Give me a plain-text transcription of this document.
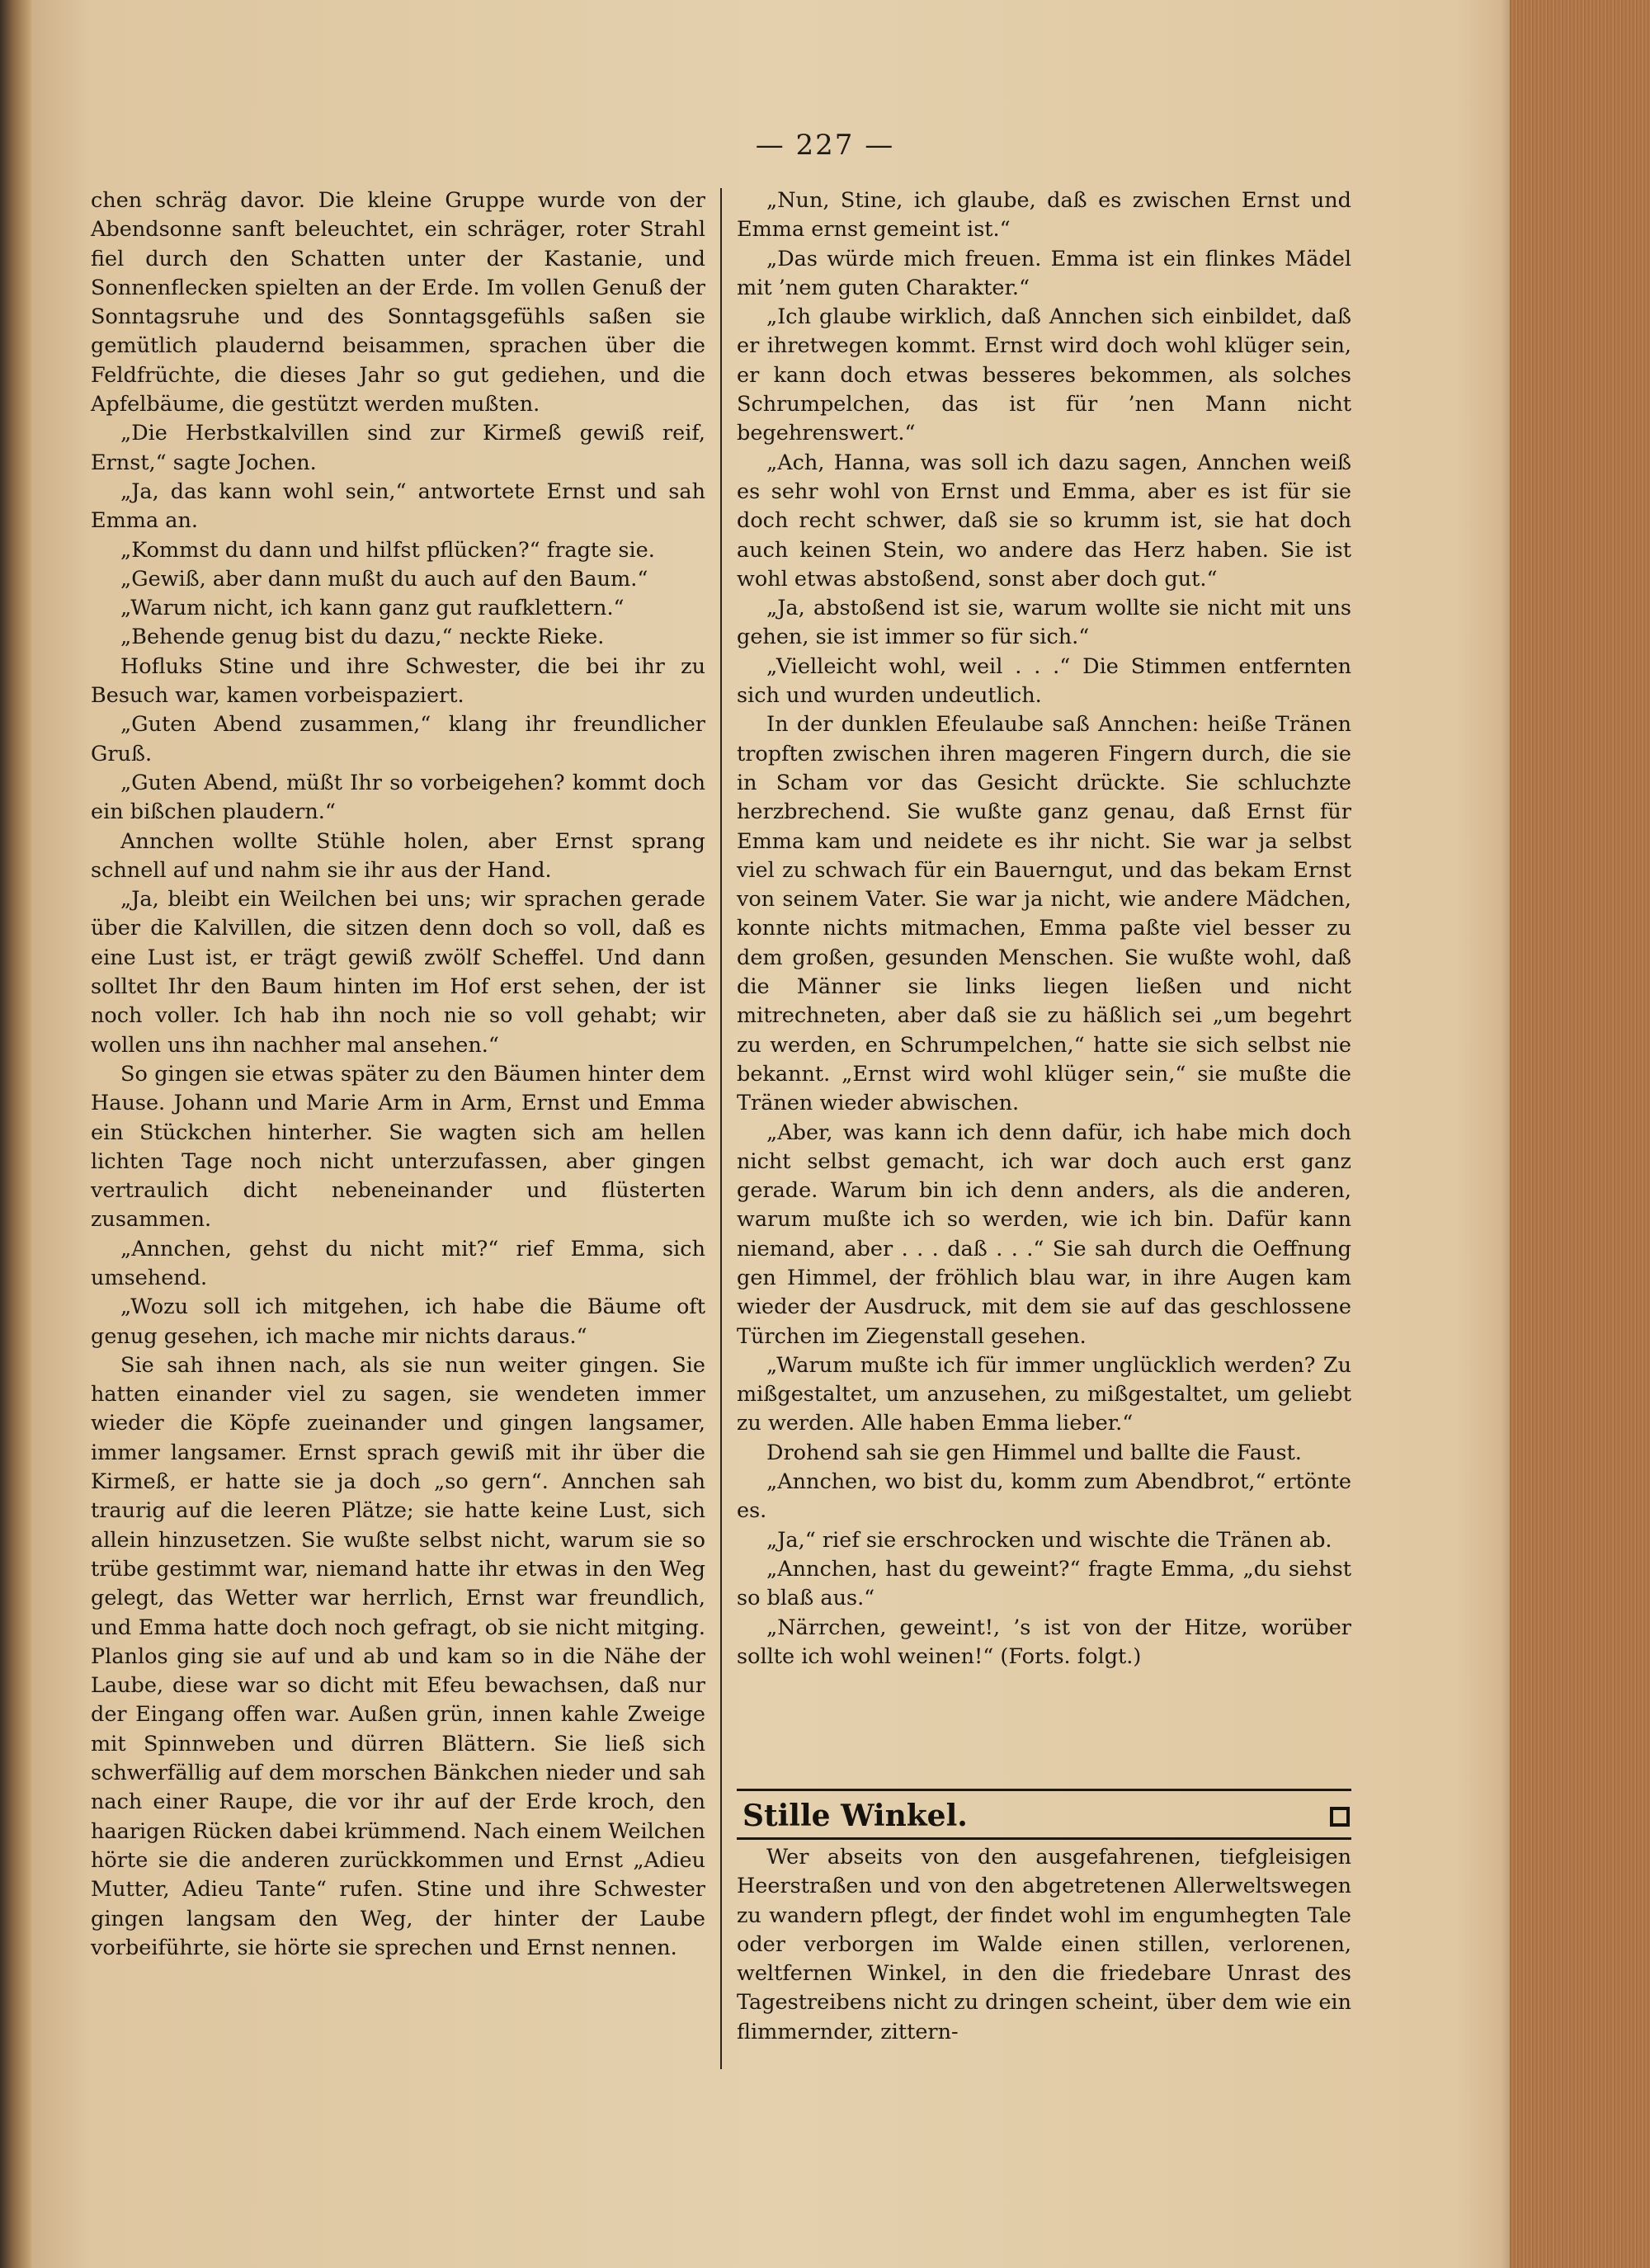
— 227 —

chen schräg davor. Die kleine Gruppe wurde von der Abendsonne sanft beleuchtet, ein schräger, roter Strahl fiel durch den Schatten unter der Kastanie, und Sonnenflecken spielten an der Erde. Im vollen Genuß der Sonntagsruhe und des Sonntagsgefühls saßen sie gemütlich plaudernd beisammen, sprachen über die Feldfrüchte, die dieses Jahr so gut gediehen, und die Apfelbäume, die gestützt werden mußten.

„Die Herbstkalvillen sind zur Kirmeß gewiß reif, Ernst,“ sagte Jochen.

„Ja, das kann wohl sein,“ antwortete Ernst und sah Emma an.

„Kommst du dann und hilfst pflücken?“ fragte sie.

„Gewiß, aber dann mußt du auch auf den Baum.“

„Warum nicht, ich kann ganz gut raufklettern.“

„Behende genug bist du dazu,“ neckte Rieke.

Hofluks Stine und ihre Schwester, die bei ihr zu Besuch war, kamen vorbeispaziert.

„Guten Abend zusammen,“ klang ihr freundlicher Gruß.

„Guten Abend, müßt Ihr so vorbeigehen? kommt doch ein bißchen plaudern.“

Annchen wollte Stühle holen, aber Ernst sprang schnell auf und nahm sie ihr aus der Hand.

„Ja, bleibt ein Weilchen bei uns; wir sprachen gerade über die Kalvillen, die sitzen denn doch so voll, daß es eine Lust ist, er trägt gewiß zwölf Scheffel. Und dann solltet Ihr den Baum hinten im Hof erst sehen, der ist noch voller. Ich hab ihn noch nie so voll gehabt; wir wollen uns ihn nachher mal ansehen.“

So gingen sie etwas später zu den Bäumen hinter dem Hause. Johann und Marie Arm in Arm, Ernst und Emma ein Stückchen hinterher. Sie wagten sich am hellen lichten Tage noch nicht unterzufassen, aber gingen vertraulich dicht nebeneinander und flüsterten zusammen.

„Annchen, gehst du nicht mit?“ rief Emma, sich umsehend.

„Wozu soll ich mitgehen, ich habe die Bäume oft genug gesehen, ich mache mir nichts daraus.“

Sie sah ihnen nach, als sie nun weiter gingen. Sie hatten einander viel zu sagen, sie wendeten immer wieder die Köpfe zueinander und gingen langsamer, immer langsamer. Ernst sprach gewiß mit ihr über die Kirmeß, er hatte sie ja doch „so gern“. Annchen sah traurig auf die leeren Plätze; sie hatte keine Lust, sich allein hinzusetzen. Sie wußte selbst nicht, warum sie so trübe gestimmt war, niemand hatte ihr etwas in den Weg gelegt, das Wetter war herrlich, Ernst war freundlich, und Emma hatte doch noch gefragt, ob sie nicht mitging. Planlos ging sie auf und ab und kam so in die Nähe der Laube, diese war so dicht mit Efeu bewachsen, daß nur der Eingang offen war. Außen grün, innen kahle Zweige mit Spinnweben und dürren Blättern. Sie ließ sich schwerfällig auf dem morschen Bänkchen nieder und sah nach einer Raupe, die vor ihr auf der Erde kroch, den haarigen Rücken dabei krümmend. Nach einem Weilchen hörte sie die anderen zurückkommen und Ernst „Adieu Mutter, Adieu Tante“ rufen. Stine und ihre Schwester gingen langsam den Weg, der hinter der Laube vorbeiführte, sie hörte sie sprechen und Ernst nennen.

„Nun, Stine, ich glaube, daß es zwischen Ernst und Emma ernst gemeint ist.“

„Das würde mich freuen. Emma ist ein flinkes Mädel mit ’nem guten Charakter.“

„Ich glaube wirklich, daß Annchen sich einbildet, daß er ihretwegen kommt. Ernst wird doch wohl klüger sein, er kann doch etwas besseres bekommen, als solches Schrumpelchen, das ist für ’nen Mann nicht begehrenswert.“

„Ach, Hanna, was soll ich dazu sagen, Annchen weiß es sehr wohl von Ernst und Emma, aber es ist für sie doch recht schwer, daß sie so krumm ist, sie hat doch auch keinen Stein, wo andere das Herz haben. Sie ist wohl etwas abstoßend, sonst aber doch gut.“

„Ja, abstoßend ist sie, warum wollte sie nicht mit uns gehen, sie ist immer so für sich.“

„Vielleicht wohl, weil . . .“ Die Stimmen entfernten sich und wurden undeutlich.

In der dunklen Efeulaube saß Annchen: heiße Tränen tropften zwischen ihren mageren Fingern durch, die sie in Scham vor das Gesicht drückte. Sie schluchzte herzbrechend. Sie wußte ganz genau, daß Ernst für Emma kam und neidete es ihr nicht. Sie war ja selbst viel zu schwach für ein Bauerngut, und das bekam Ernst von seinem Vater. Sie war ja nicht, wie andere Mädchen, konnte nichts mitmachen, Emma paßte viel besser zu dem großen, gesunden Menschen. Sie wußte wohl, daß die Männer sie links liegen ließen und nicht mitrechneten, aber daß sie zu häßlich sei „um begehrt zu werden, en Schrumpelchen,“ hatte sie sich selbst nie bekannt. „Ernst wird wohl klüger sein,“ sie mußte die Tränen wieder abwischen.

„Aber, was kann ich denn dafür, ich habe mich doch nicht selbst gemacht, ich war doch auch erst ganz gerade. Warum bin ich denn anders, als die anderen, warum mußte ich so werden, wie ich bin. Dafür kann niemand, aber . . . daß . . .“ Sie sah durch die Oeffnung gen Himmel, der fröhlich blau war, in ihre Augen kam wieder der Ausdruck, mit dem sie auf das geschlossene Türchen im Ziegenstall gesehen.

„Warum mußte ich für immer unglücklich werden? Zu mißgestaltet, um anzusehen, zu mißgestaltet, um geliebt zu werden. Alle haben Emma lieber.“

Drohend sah sie gen Himmel und ballte die Faust.

„Annchen, wo bist du, komm zum Abendbrot,“ ertönte es.

„Ja,“ rief sie erschrocken und wischte die Tränen ab.

„Annchen, hast du geweint?“ fragte Emma, „du siehst so blaß aus.“

„Närrchen, geweint!, ’s ist von der Hitze, worüber sollte ich wohl weinen!“ (Forts. folgt.)

Stille Winkel.

Wer abseits von den ausgefahrenen, tiefgleisigen Heerstraßen und von den abgetretenen Allerweltswegen zu wandern pflegt, der findet wohl im engumhegten Tale oder verborgen im Walde einen stillen, verlorenen, weltfernen Winkel, in den die friedebare Unrast des Tagestreibens nicht zu dringen scheint, über dem wie ein flimmernder, zittern-
